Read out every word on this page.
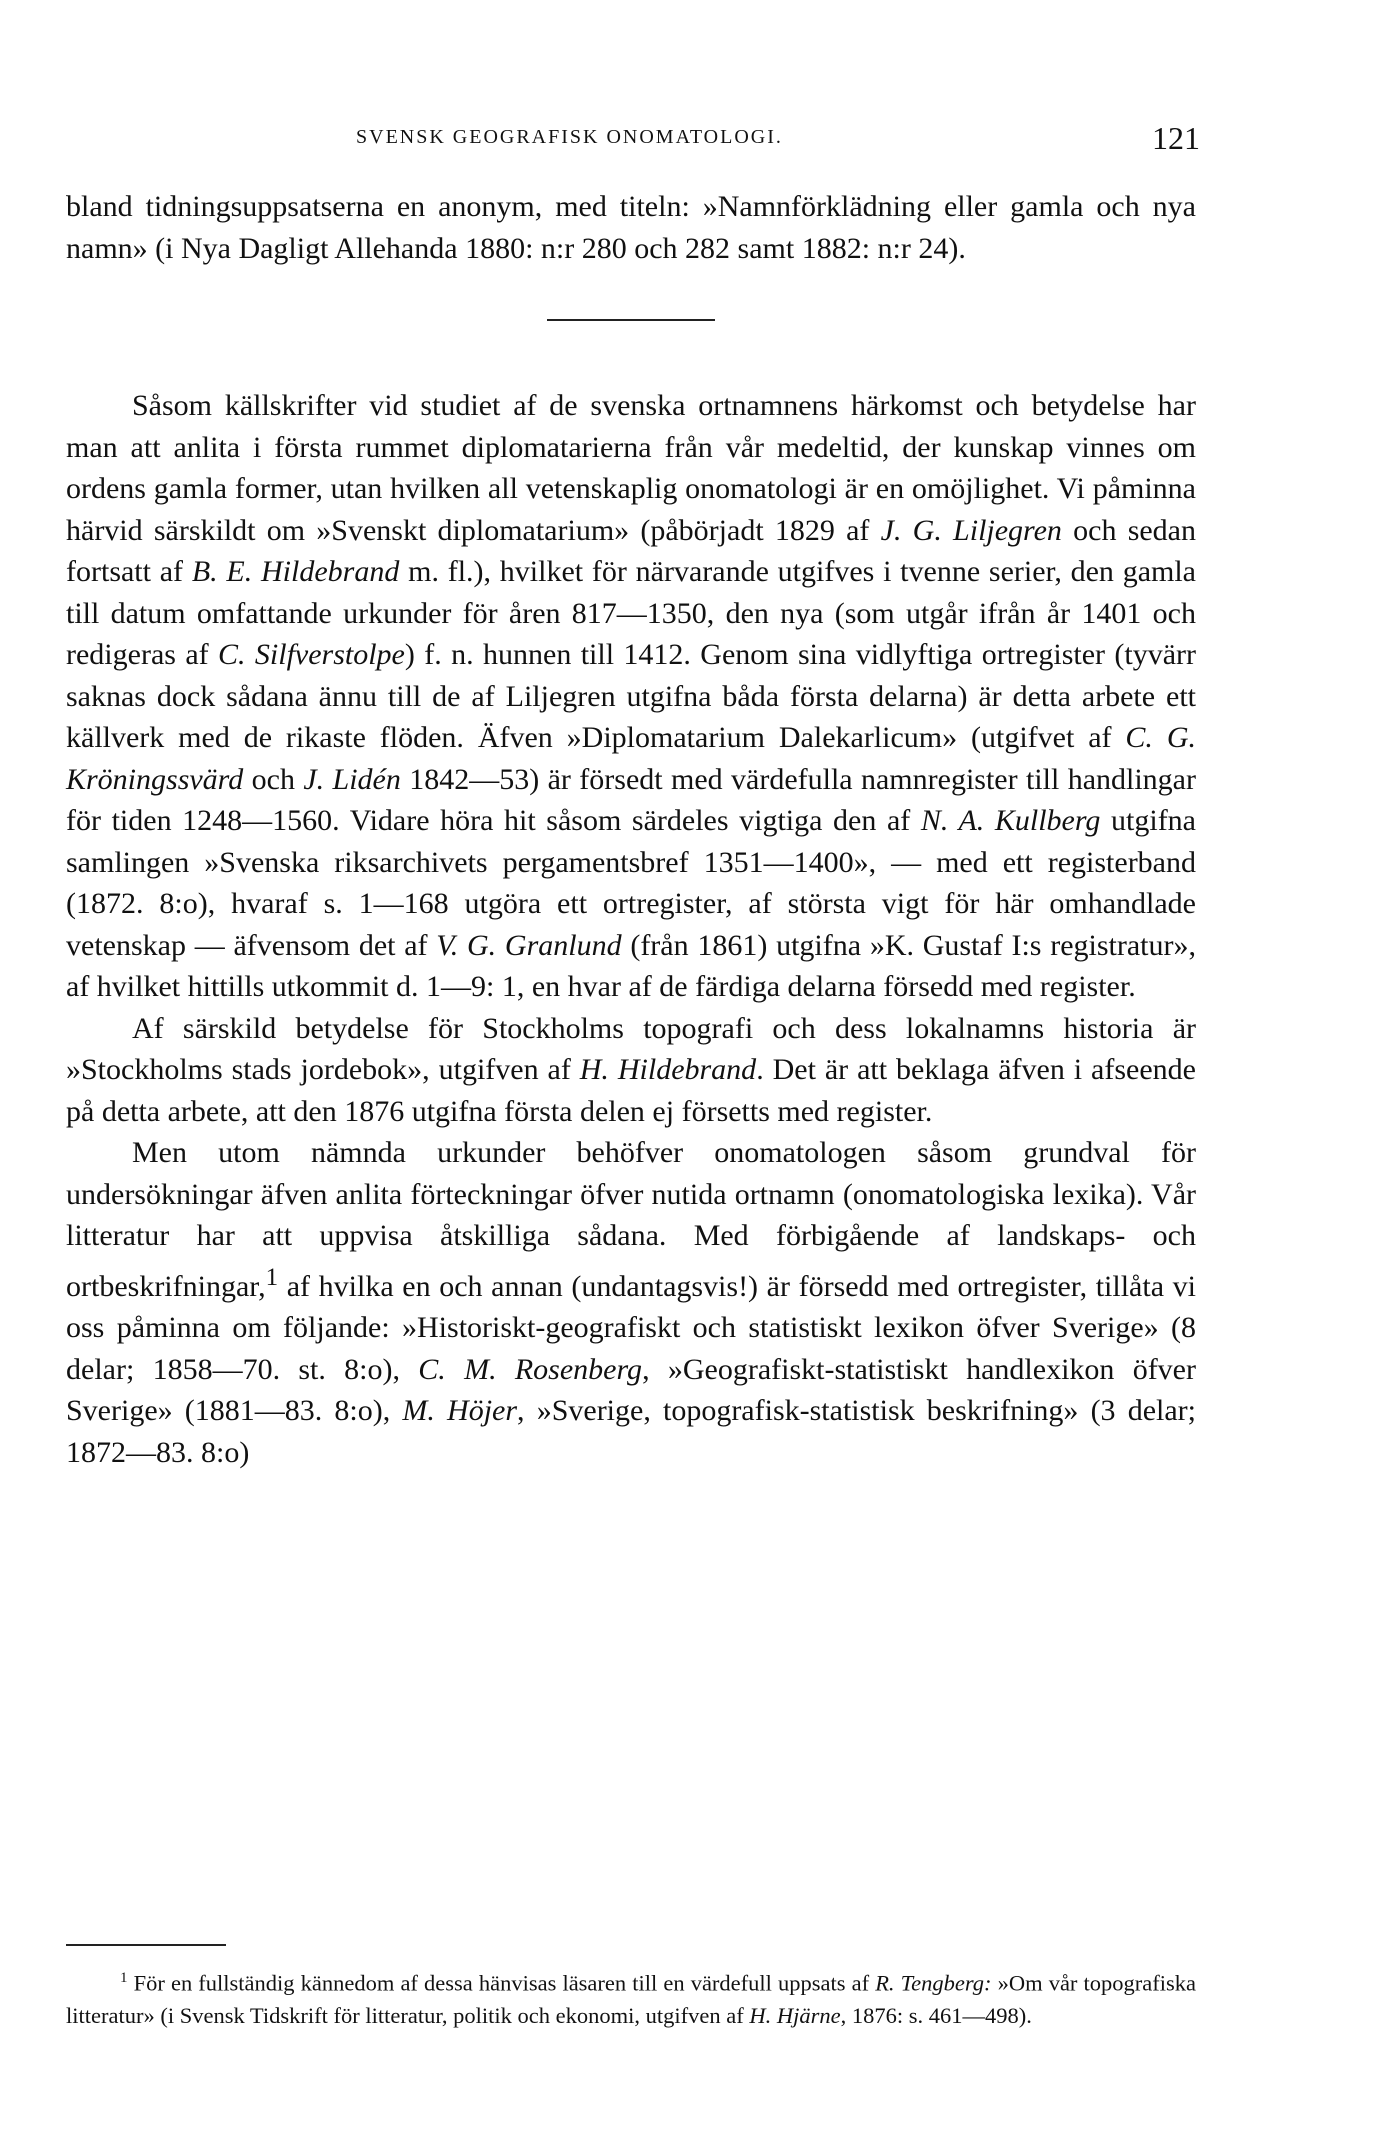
SVENSK GEOGRAFISK ONOMATOLOGI.	121

bland tidningsuppsatserna en anonym, med titeln: »Namnförklädning eller gamla och nya namn» (i Nya Dagligt Allehanda 1880: n:r 280 och 282 samt 1882: n:r 24).

Såsom källskrifter vid studiet af de svenska ortnamnens härkomst och betydelse har man att anlita i första rummet diplomatarierna från vår medeltid, der kunskap vinnes om ordens gamla former, utan hvilken all vetenskaplig onomatologi är en omöjlighet. Vi påminna härvid särskildt om »Svenskt diplomatarium» (påbörjadt 1829 af J. G. Liljegren och sedan fortsatt af B. E. Hildebrand m. fl.), hvilket för närvarande utgifves i tvenne serier, den gamla till datum omfattande urkunder för åren 817—1350, den nya (som utgår ifrån år 1401 och redigeras af C. Silfverstolpe) f. n. hunnen till 1412. Genom sina vidlyftiga ortregister (tyvärr saknas dock sådana ännu till de af Liljegren utgifna båda första delarna) är detta arbete ett källverk med de rikaste flöden. Äfven »Diplomatarium Dalekarlicum» (utgifvet af C. G. Kröningssvärd och J. Lidén 1842—53) är försedt med värdefulla namnregister till handlingar för tiden 1248—1560. Vidare höra hit såsom särdeles vigtiga den af N. A. Kullberg utgifna samlingen »Svenska riksarchivets pergamentsbref 1351—1400», — med ett registerband (1872. 8:o), hvaraf s. 1—168 utgöra ett ortregister, af största vigt för här omhandlade vetenskap — äfvensom det af V. G. Granlund (från 1861) utgifna »K. Gustaf I:s registratur», af hvilket hittills utkommit d. 1—9: 1, en hvar af de färdiga delarna försedd med register.

Af särskild betydelse för Stockholms topografi och dess lokalnamns historia är »Stockholms stads jordebok», utgifven af H. Hildebrand. Det är att beklaga äfven i afseende på detta arbete, att den 1876 utgifna första delen ej försetts med register.

Men utom nämnda urkunder behöfver onomatologen såsom grundval för undersökningar äfven anlita förteckningar öfver nutida ortnamn (onomatologiska lexika). Vår litteratur har att uppvisa åtskilliga sådana. Med förbigående af landskaps- och ortbeskrifningar,$^1$ af hvilka en och annan (undantagsvis!) är försedd med ortregister, tillåta vi oss påminna om följande: »Historiskt-geografiskt och statistiskt lexikon öfver Sverige» (8 delar; 1858—70. st. 8:o), C. M. Rosenberg, »Geografiskt-statistiskt handlexikon öfver Sverige» (1881—83. 8:o), M. Höjer, »Sverige, topografisk-statistisk beskrifning» (3 delar; 1872—83. 8:o)

$^1$ För en fullständig kännedom af dessa hänvisas läsaren till en värdefull uppsats af R. Tengberg: »Om vår topografiska litteratur» (i Svensk Tidskrift för litteratur, politik och ekonomi, utgifven af H. Hjärne, 1876: s. 461—498).
